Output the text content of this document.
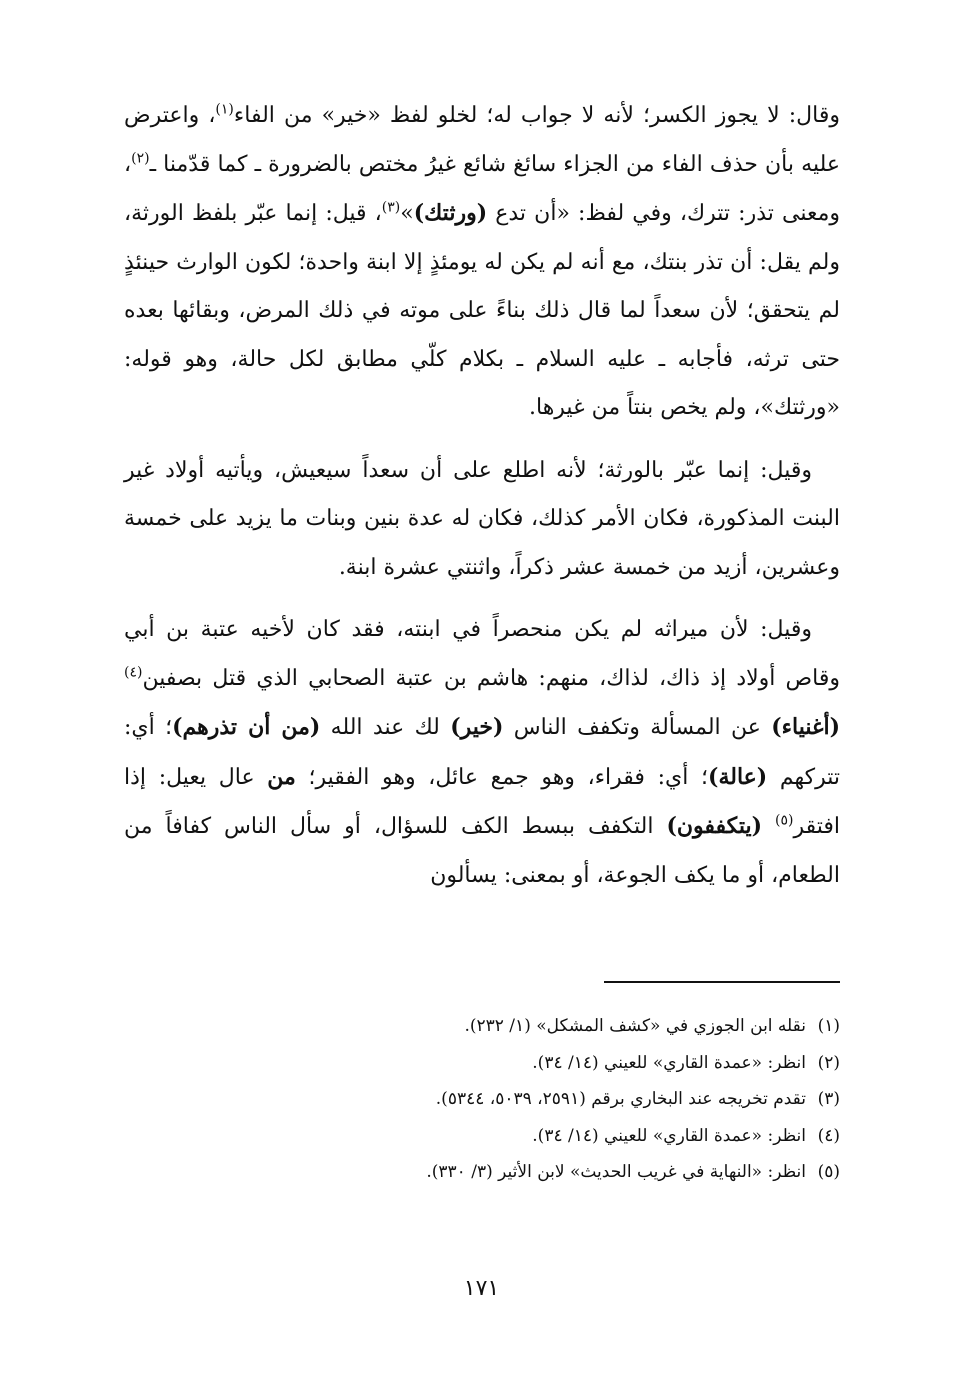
وقال: لا يجوز الكسر؛ لأنه لا جواب له؛ لخلو لفظ «خير» من الفاء$^{(١)}$، واعترض عليه بأن حذف الفاء من الجزاء سائغ شائع غيرُ مختص بالضرورة ـ كما قدّمنا ـ$^{(٢)}$، ومعنى تذر: تترك، وفي لفظ: «أن تدع (ورثتك)»$^{(٣)}$، قيل: إنما عبّر بلفظ الورثة، ولم يقل: أن تذر بنتك، مع أنه لم يكن له يومئذٍ إلا ابنة واحدة؛ لكون الوارث حينئذٍ لم يتحقق؛ لأن سعداً لما قال ذلك بناءً على موته في ذلك المرض، وبقائها بعده حتى ترثه، فأجابه ـ عليه السلام ـ بكلام كلّي مطابق لكل حالة، وهو قوله: «ورثتك»، ولم يخص بنتاً من غيرها.

وقيل: إنما عبّر بالورثة؛ لأنه اطلع على أن سعداً سيعيش، ويأتيه أولاد غير البنت المذكورة، فكان الأمر كذلك، فكان له عدة بنين وبنات ما يزيد على خمسة وعشرين، أزيد من خمسة عشر ذكراً، واثنتي عشرة ابنة.

وقيل: لأن ميراثه لم يكن منحصراً في ابنته، فقد كان لأخيه عتبة بن أبي وقاص أولاد إذ ذاك، لذاك، منهم: هاشم بن عتبة الصحابي الذي قتل بصفين$^{(٤)}$ (أغنياء) عن المسألة وتكفف الناس (خير) لك عند الله (من أن تذرهم)؛ أي: تتركهم (عالة)؛ أي: فقراء، وهو جمع عائل، وهو الفقير؛ من عال يعيل: إذا افتقر$^{(٥)}$ (يتكففون) التكفف ببسط الكف للسؤال، أو سأل الناس كفافاً من الطعام، أو ما يكف الجوعة، أو بمعنى: يسألون

(١)نقله ابن الجوزي في «كشف المشكل» (١/ ٢٣٢).
(٢)انظر: «عمدة القاري» للعيني (١٤/ ٣٤).
(٣)تقدم تخريجه عند البخاري برقم (٢٥٩١، ٥٠٣٩، ٥٣٤٤).
(٤)انظر: «عمدة القاري» للعيني (١٤/ ٣٤).
(٥)انظر: «النهاية في غريب الحديث» لابن الأثير (٣/ ٣٣٠).
١٧١
